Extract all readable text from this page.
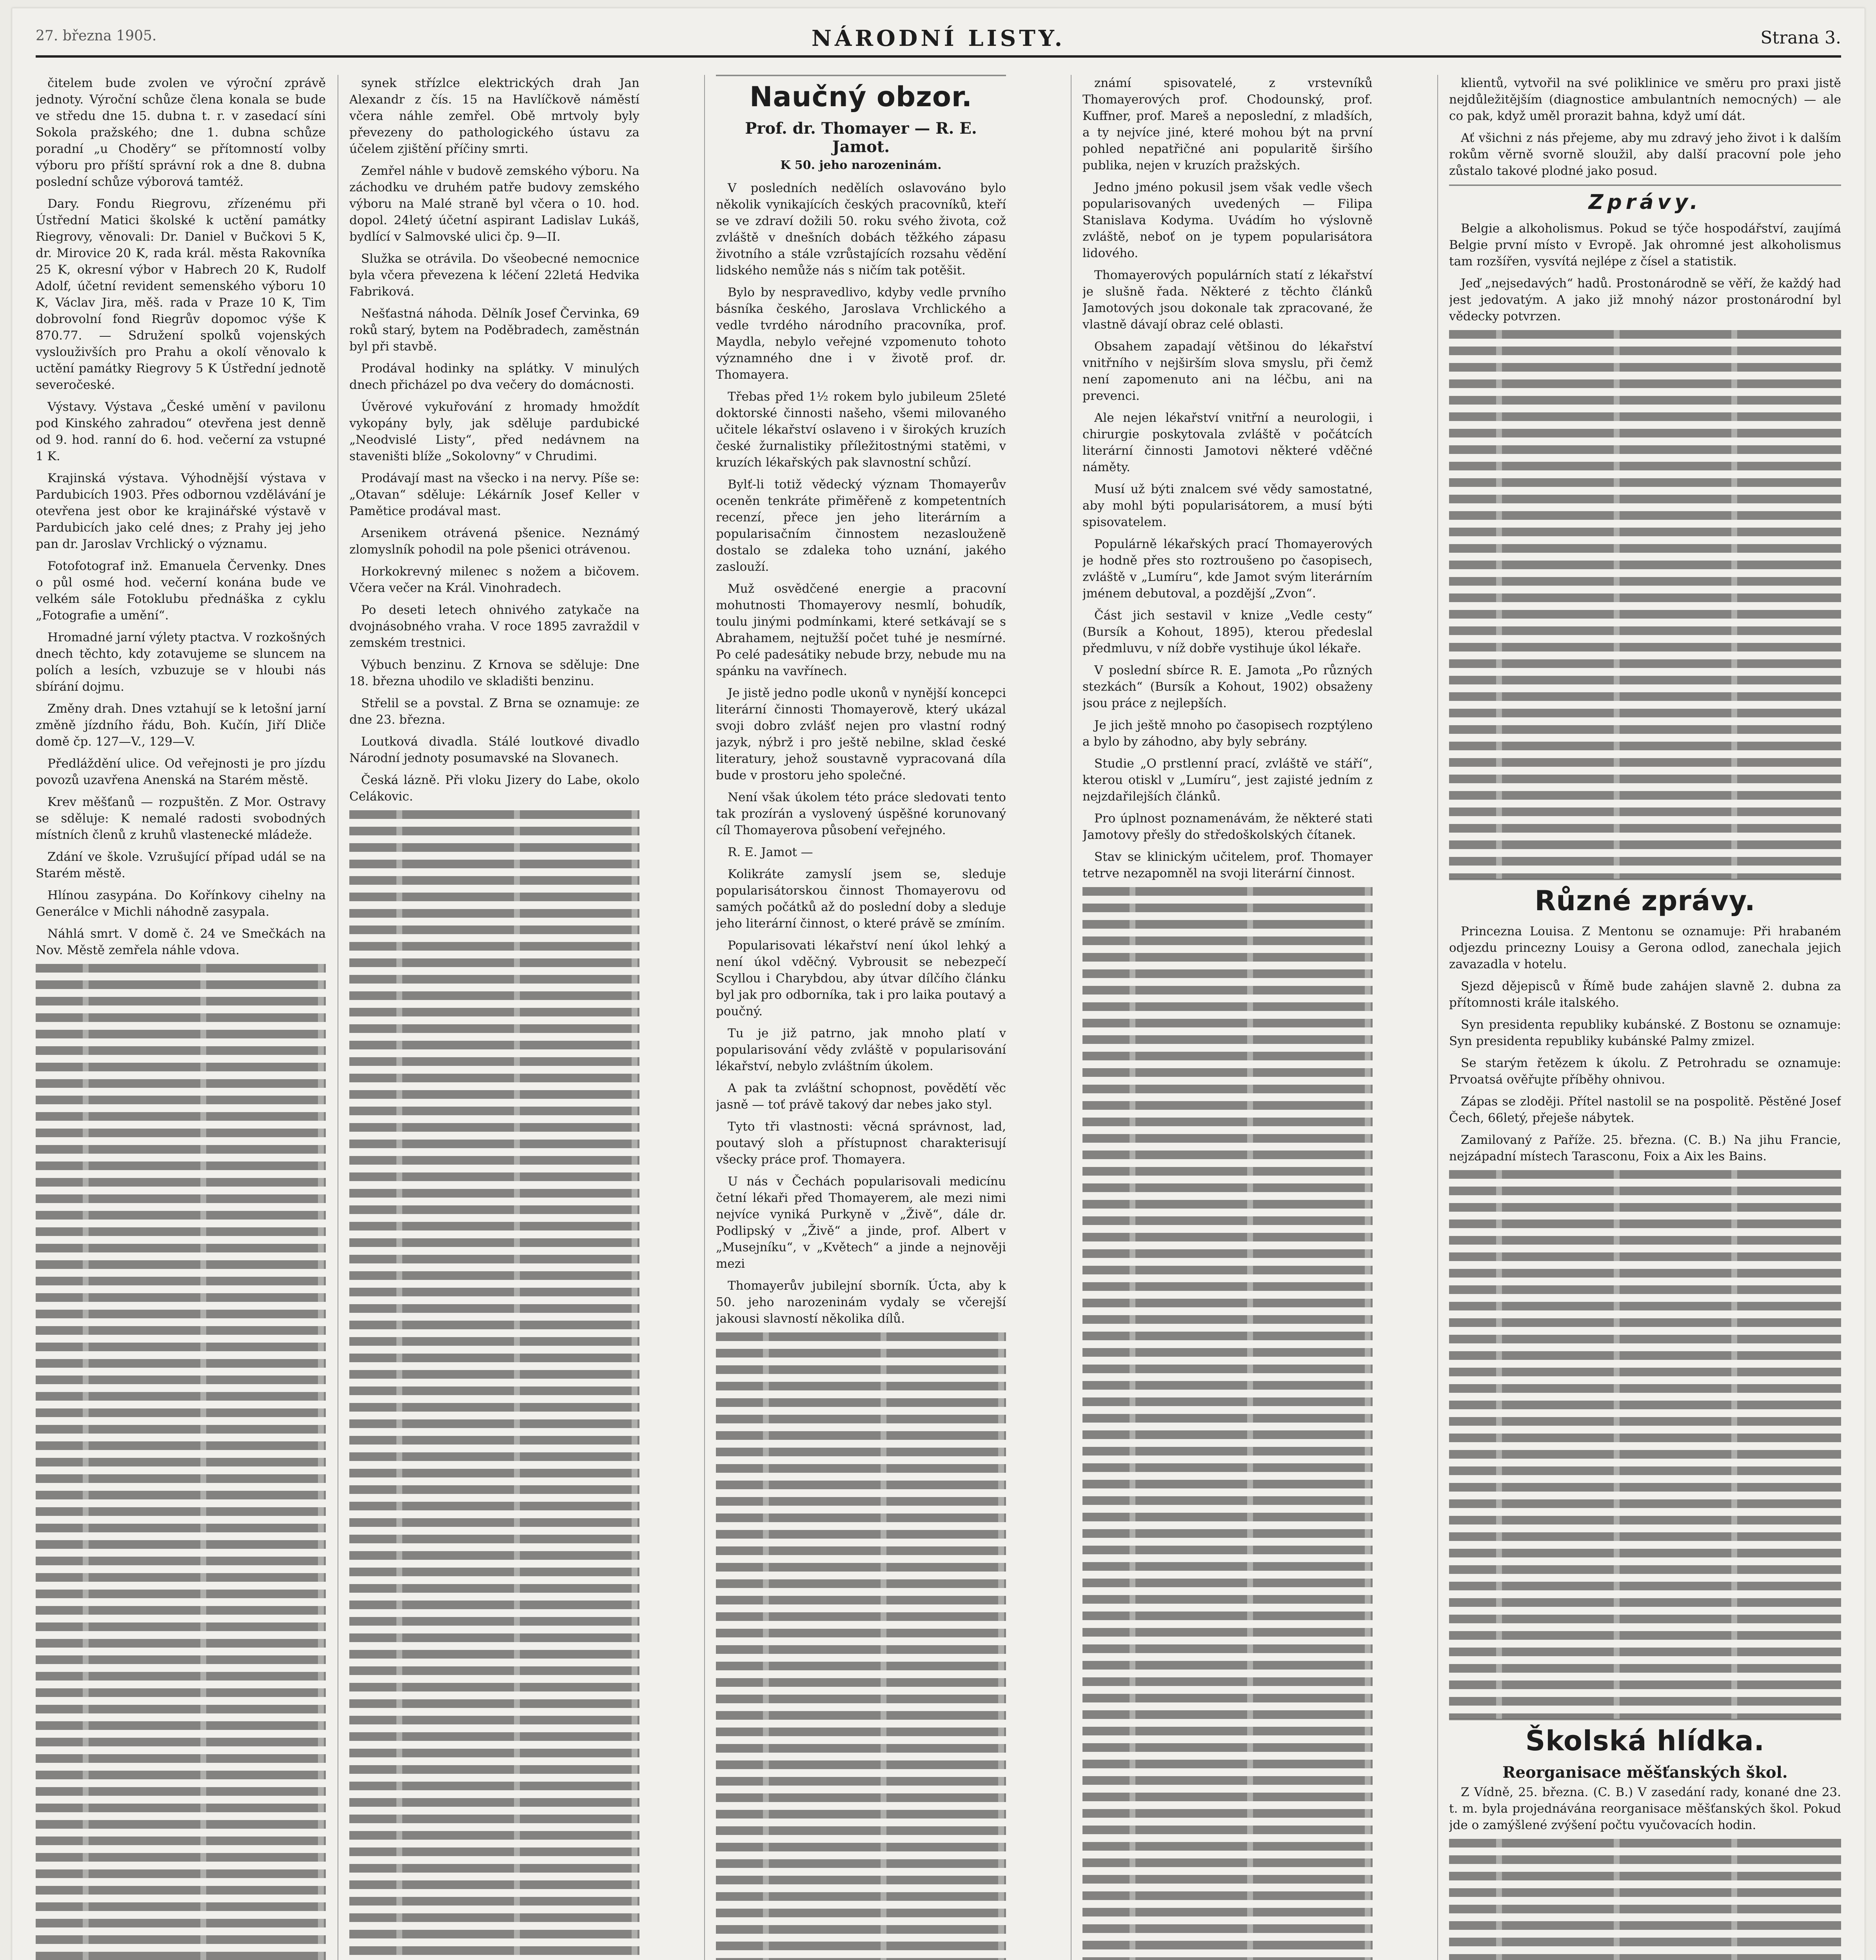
27. března 1905.	NÁRODNÍ LISTY.	Strana 3.

čitelem bude zvolen ve výroční zprávě jednoty. Výroční schůze člena konala se bude ve středu dne 15. dubna t. r. v zasedací síni Sokola pražského; dne 1. dubna schůze poradní „u Choděry“ se přítomností volby výboru pro příští správní rok a dne 8. dubna poslední schůze výborová tamtéž.

Dary. Fondu Riegrovu, zřízenému při Ústřední Matici školské k uctění památky Riegrovy, věnovali: Dr. Daniel v Bučkovi 5 K, dr. Mirovice 20 K, rada král. města Rakovníka 25 K, okresní výbor v Habrech 20 K, Rudolf Adolf, účetní revident semenského výboru 10 K, Václav Jira, měš. rada v Praze 10 K, Tim dobrovolní fond Riegrův dopomoc výše K 870.77. — Sdružení spolků vojenských vyslouživších pro Prahu a okolí věnovalo k uctění památky Riegrovy 5 K Ústřední jednotě severočeské.

Výstavy. Výstava „České umění v pavilonu pod Kinského zahradou“ otevřena jest denně od 9. hod. ranní do 6. hod. večerní za vstupné 1 K.

Krajinská výstava. Výhodnější výstava v Pardubicích 1903. Přes odbornou vzdělávání je otevřena jest obor ke krajinářské výstavě v Pardubicích jako celé dnes; z Prahy jej jeho pan dr. Jaroslav Vrchlický o významu.

Fotofotograf inž. Emanuela Červenky. Dnes o půl osmé hod. večerní konána bude ve velkém sále Fotoklubu přednáška z cyklu „Fotografie a umění“.

Hromadné jarní výlety ptactva. V rozkošných dnech těchto, kdy zotavujeme se sluncem na polích a lesích, vzbuzuje se v hloubi nás sbírání dojmu.

Změny drah. Dnes vztahují se k letošní jarní změně jízdního řádu, Boh. Kučín, Jiří Dliče domě čp. 127—V., 129—V.

Předláždění ulice. Od veřejnosti je pro jízdu povozů uzavřena Anenská na Starém městě.

Krev měšťanů — rozpuštěn. Z Mor. Ostravy se sděluje: K nemalé radosti svobodných místních členů z kruhů vlastenecké mládeže.

Zdání ve škole. Vzrušující případ udál se na Starém městě.

Hlínou zasypána. Do Kořínkovy cihelny na Generálce v Michli náhodně zasypala.

Náhlá smrt. V domě č. 24 ve Smečkách na Nov. Městě zemřela náhle vdova.

synek střízlce elektrických drah Jan Alexandr z čís. 15 na Havlíčkově náměstí včera náhle zemřel. Obě mrtvoly byly převezeny do pathologického ústavu za účelem zjištění příčiny smrti.

Zemřel náhle v budově zemského výboru. Na záchodku ve druhém patře budovy zemského výboru na Malé straně byl včera o 10. hod. dopol. 24letý účetní aspirant Ladislav Lukáš, bydlící v Salmovské ulici čp. 9—II.

Služka se otrávila. Do všeobecné nemocnice byla včera převezena k léčení 22letá Hedvika Fabriková.

Nešťastná náhoda. Dělník Josef Červinka, 69 roků starý, bytem na Poděbradech, zaměstnán byl při stavbě.

Prodával hodinky na splátky. V minulých dnech přicházel po dva večery do domácnosti.

Úvěrové vykuřování z hromady hmoždít vykopány byly, jak sděluje pardubické „Neodvislé Listy“, před nedávnem na staveništi blíže „Sokolovny“ v Chrudimi.

Prodávají mast na všecko i na nervy. Píše se: „Otavan“ sděluje: Lékárník Josef Keller v Pamětice prodával mast.

Arsenikem otrávená pšenice. Neznámý zlomyslník pohodil na pole pšenici otrávenou.

Horkokrevný milenec s nožem a bičovem. Včera večer na Král. Vinohradech.

Po deseti letech ohnivého zatykače na dvojnásobného vraha. V roce 1895 zavraždil v zemském trestnici.

Výbuch benzinu. Z Krnova se sděluje: Dne 18. března uhodilo ve skladišti benzinu.

Střelil se a povstal. Z Brna se oznamuje: ze dne 23. března.

Loutková divadla. Stálé loutkové divadlo Národní jednoty posumavské na Slovanech.

Česká lázně. Při vloku Jizery do Labe, okolo Celákovic.

Naučný obzor.
Prof. dr. Thomayer — R. E. Jamot.
K 50. jeho narozeninám.

V posledních nedělích oslavováno bylo několik vynikajících českých pracovníků, kteří se ve zdraví dožili 50. roku svého života, což zvláště v dnešních dobách těžkého zápasu životního a stále vzrůstajících rozsahu vědění lidského nemůže nás s ničím tak potěšit.

Bylo by nespravedlivo, kdyby vedle prvního básníka českého, Jaroslava Vrchlického a vedle tvrdého národního pracovníka, prof. Maydla, nebylo veřejné vzpomenuto tohoto významného dne i v životě prof. dr. Thomayera.

Třebas před 1½ rokem bylo jubileum 25leté doktorské činnosti našeho, všemi milovaného učitele lékařství oslaveno i v širokých kruzích české žurnalistiky příležitostnými statěmi, v kruzích lékařských pak slavnostní schůzí.

Bylť-li totiž vědecký význam Thomayerův oceněn tenkráte přiměřeně z kompetentních recenzí, přece jen jeho literárním a popularisačním činnostem nezaslouženě dostalo se zdaleka toho uznání, jakého zaslouží.

Muž osvědčené energie a pracovní mohutnosti Thomayerovy nesmlí, bohudík, toulu jinými podmínkami, které setkávají se s Abrahamem, nejtužší počet tuhé je nesmírné. Po celé padesátiky nebude brzy, nebude mu na spánku na vavřínech.

Je jistě jedno podle ukonů v nynější koncepci literární činnosti Thomayerově, který ukázal svoji dobro zvlášť nejen pro vlastní rodný jazyk, nýbrž i pro ještě nebilne, sklad české literatury, jehož soustavně vypracovaná díla bude v prostoru jeho společné.

Není však úkolem této práce sledovati tento tak prozírán a vyslovený úspěšné korunovaný cíl Thomayerova působení veřejného.

R. E. Jamot —

Kolikráte zamyslí jsem se, sleduje popularisátorskou činnost Thomayerovu od samých počátků až do poslední doby a sleduje jeho literární činnost, o které právě se zmíním.

Popularisovati lékařství není úkol lehký a není úkol vděčný. Vybrousit se nebezpečí Scyllou i Charybdou, aby útvar dílčího článku byl jak pro odborníka, tak i pro laika poutavý a poučný.

Tu je již patrno, jak mnoho platí v popularisování vědy zvláště v popularisování lékařství, nebylo zvláštním úkolem.

A pak ta zvláštní schopnost, povědětí věc jasně — toť právě takový dar nebes jako styl.

Tyto tři vlastnosti: věcná správnost, lad, poutavý sloh a přístupnost charakterisují všecky práce prof. Thomayera.

U nás v Čechách popularisovali medicínu četní lékaři před Thomayerem, ale mezi nimi nejvíce vyniká Purkyně v „Živě“, dále dr. Podlipský v „Živě“ a jinde, prof. Albert v „Musejníku“, v „Květech“ a jinde a nejnověji mezi

Thomayerův jubilejní sborník. Úcta, aby k 50. jeho narozeninám vydaly se včerejší jakousi slavností několika dílů.

známí spisovatelé, z vrstevníků Thomayerových prof. Chodounský, prof. Kuffner, prof. Mareš a neposlední, z mladších, a ty nejvíce jiné, které mohou být na první pohled nepatřičné ani popularitě širšího publika, nejen v kruzích pražských.

Jedno jméno pokusil jsem však vedle všech popularisovaných uvedených — Filipa Stanislava Kodyma. Uvádím ho výslovně zvláště, neboť on je typem popularisátora lidového.

Thomayerových populárních statí z lékařství je slušně řada. Některé z těchto článků Jamotových jsou dokonale tak zpracované, že vlastně dávají obraz celé oblasti.

Obsahem zapadají většinou do lékařství vnitřního v nejširším slova smyslu, při čemž není zapomenuto ani na léčbu, ani na prevenci.

Ale nejen lékařství vnitřní a neurologii, i chirurgie poskytovala zvláště v počátcích literární činnosti Jamotovi některé vděčné náměty.

Musí už býti znalcem své vědy samostatné, aby mohl býti popularisátorem, a musí býti spisovatelem.

Populárně lékařských prací Thomayerových je hodně přes sto roztroušeno po časopisech, zvláště v „Lumíru“, kde Jamot svým literárním jménem debutoval, a pozdější „Zvon“.

Část jich sestavil v knize „Vedle cesty“ (Bursík a Kohout, 1895), kterou předeslal předmluvu, v níž dobře vystihuje úkol lékaře.

V poslední sbírce R. E. Jamota „Po různých stezkách“ (Bursík a Kohout, 1902) obsaženy jsou práce z nejlepších.

Je jich ještě mnoho po časopisech rozptýleno a bylo by záhodno, aby byly sebrány.

Studie „O prstlenní prací, zvláště ve stáří“, kterou otiskl v „Lumíru“, jest zajisté jedním z nejzdařilejších článků.

Pro úplnost poznamenávám, že některé stati Jamotovy přešly do středoškolských čítanek.

Stav se klinickým učitelem, prof. Thomayer tetrve nezapomněl na svoji literární činnost.

klientů, vytvořil na své poliklinice ve směru pro praxi jistě nejdůležitějším (diagnostice ambulantních nemocných) — ale co pak, když uměl prorazit bahna, když umí dát.

Ať všichni z nás přejeme, aby mu zdravý jeho život i k dalším rokům věrně svorně sloužil, aby další pracovní pole jeho zůstalo takové plodné jako posud.

Zprávy.

Belgie a alkoholismus. Pokud se týče hospodářství, zaujímá Belgie první místo v Evropě. Jak ohromné jest alkoholismus tam rozšířen, vysvítá nejlépe z čísel a statistik.

Jeď „nejsedavých“ hadů. Prostonárodně se věří, že každý had jest jedovatým. A jako již mnohý názor prostonárodní byl vědecky potvrzen.

Různé zprávy.

Princezna Louisa. Z Mentonu se oznamuje: Při hrabaném odjezdu princezny Louisy a Gerona odlod, zanechala jejich zavazadla v hotelu.

Sjezd dějepisců v Římě bude zahájen slavně 2. dubna za přítomnosti krále italského.

Syn presidenta republiky kubánské. Z Bostonu se oznamuje: Syn presidenta republiky kubánské Palmy zmizel.

Se starým řetězem k úkolu. Z Petrohradu se oznamuje: Prvoatsá ověřujte příběhy ohnivou.

Zápas se zloději. Přítel nastolil se na pospolitě. Pěstěné Josef Čech, 66letý, přeješe nábytek.

Zamilovaný z Paříže. 25. března. (C. B.) Na jihu Francie, nejzápadní místech Tarasconu, Foix a Aix les Bains.

Školská hlídka.
Reorganisace měšťanských škol.

Z Vídně, 25. března. (C. B.) V zasedání rady, konané dne 23. t. m. byla projednávána reorganisace měšťanských škol. Pokud jde o zamýšlené zvýšení počtu vyučovacích hodin.
